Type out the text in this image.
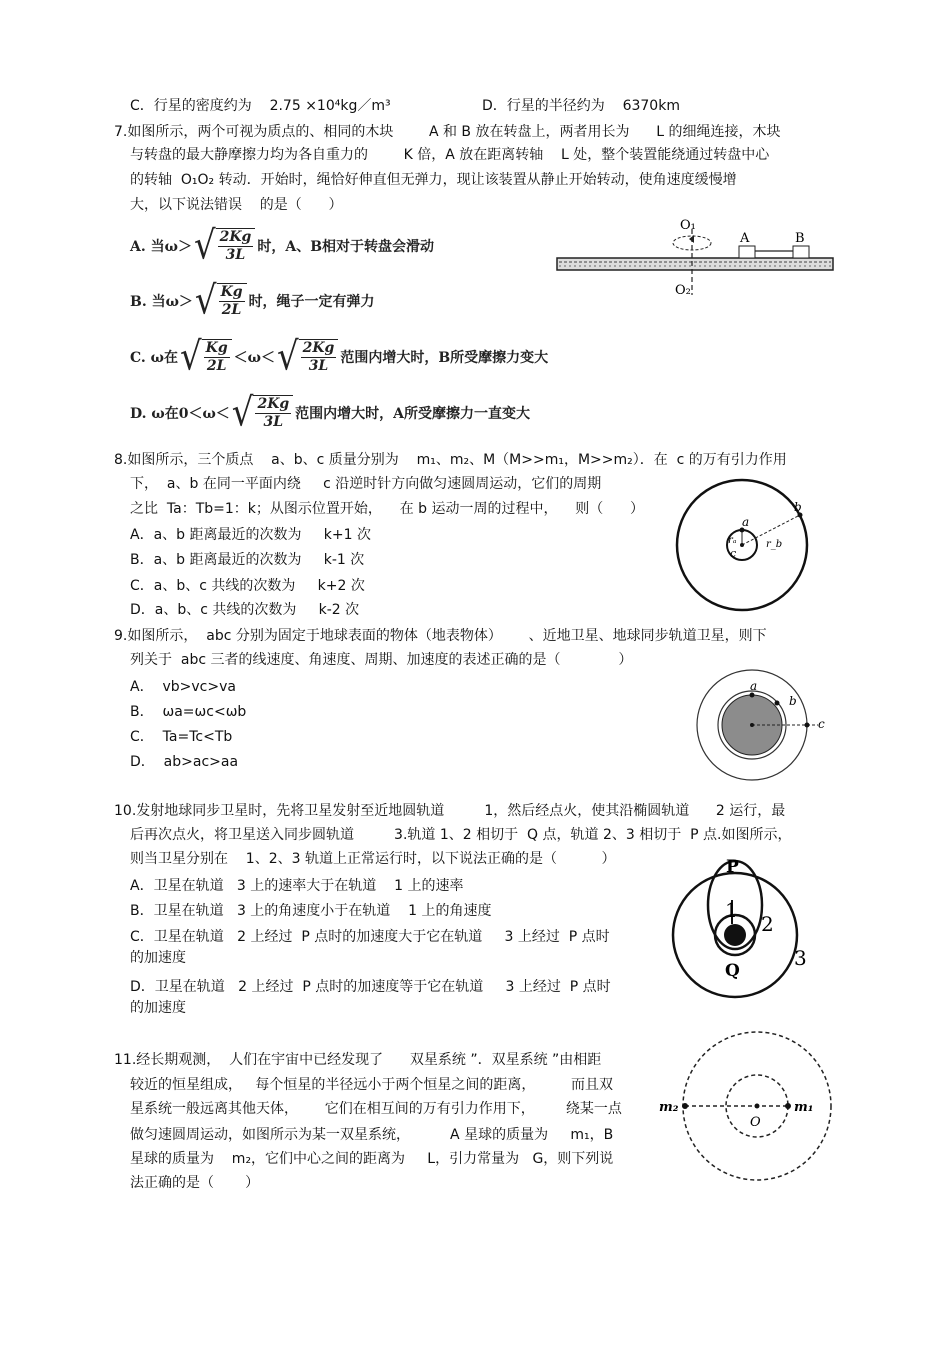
C．行星的密度约为    2.75 ×10⁴kg／m³	D．行星的半径约为    6370km
7.如图所示，两个可视为质点的、相同的木块        A 和 B 放在转盘上，两者用长为      L 的细绳连接，木块
与转盘的最大静摩擦力均为各自重力的        K 倍，A 放在距离转轴    L 处，整个装置能绕通过转盘中心
的转轴  O₁O₂ 转动．开始时，绳恰好伸直但无弹力，现让该装置从静止开始转动，使角速度缓慢增
大，以下说法错误    的是（      ）
A. 当ω＞ √ $\frac{2Kg}{3L}$ 时，A、B相对于转盘会滑动
B. 当ω＞ √ $\frac{Kg}{2L}$ 时，绳子一定有弹力
C. ω在 √ $\frac{Kg}{2L} <\omega<$ √ $\frac{2Kg}{3L}$ 范围内增大时，B所受摩擦力变大
D. ω在0＜ω＜ √ $\frac{2Kg}{3L}$ 范围内增大时，A所受摩擦力一直变大
O₁
O₂
A	B
8.如图所示，三个质点    a、b、c 质量分别为    m₁、m₂、M（M>>m₁，M>>m₂）．在  c 的万有引力作用
下，  a、b 在同一平面内绕     c 沿逆时针方向做匀速圆周运动，它们的周期
之比  Ta：Tb=1：k；从图示位置开始，    在 b 运动一周的过程中，    则（      ）
A．a、b 距离最近的次数为     k+1 次
B．a、b 距离最近的次数为     k-1 次
C．a、b、c 共线的次数为     k+2 次
D．a、b、c 共线的次数为     k-2 次
a
b
c
rₐ	r_b
9.如图所示，  abc 分别为固定于地球表面的物体（地表物体）      、近地卫星、地球同步轨道卫星，则下
列关于  abc 三者的线速度、角速度、周期、加速度的表述正确的是（             ）
A．  vb>vc>va
B．  ωa=ωc<ωb
C．  Ta=Tc<Tb
D．  ab>ac>aa
a
b
c
10.发射地球同步卫星时，先将卫星发射至近地圆轨道         1，然后经点火，使其沿椭圆轨道      2 运行，最
后再次点火，将卫星送入同步圆轨道         3.轨道 1、2 相切于  Q 点，轨道 2、3 相切于  P 点.如图所示，
则当卫星分别在    1、2、3 轨道上正常运行时，以下说法正确的是（          ）
A．卫星在轨道   3 上的速率大于在轨道    1 上的速率
B．卫星在轨道   3 上的角速度小于在轨道    1 上的角速度
C．卫星在轨道   2 上经过  P 点时的加速度大于它在轨道     3 上经过  P 点时
的加速度
D．卫星在轨道   2 上经过  P 点时的加速度等于它在轨道     3 上经过  P 点时
的加速度
P
Q
1
2
3
11.经长期观测，  人们在宇宙中已经发现了      双星系统 ”．双星系统 ”由相距
较近的恒星组成，   每个恒星的半径远小于两个恒星之间的距离，        而且双
星系统一般远离其他天体，      它们在相互间的万有引力作用下，       绕某一点
做匀速圆周运动，如图所示为某一双星系统，         A 星球的质量为     m₁，B
星球的质量为    m₂，它们中心之间的距离为     L，引力常量为   G，则下列说
法正确的是（       ）
m₂	m₁
O
